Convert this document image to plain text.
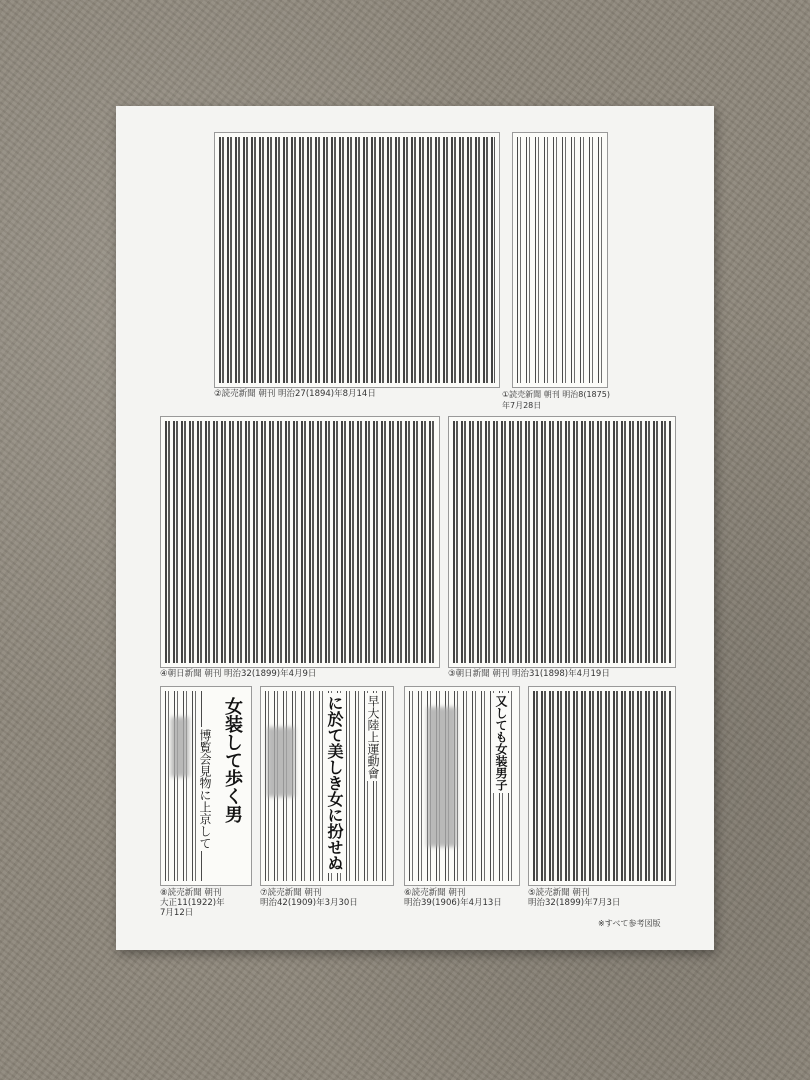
②読売新聞 朝刊 明治27(1894)年8月14日	①読売新聞 朝刊 明治8(1875)年7月28日
④朝日新聞 朝刊 明治32(1899)年4月9日	③朝日新聞 朝刊 明治31(1898)年4月19日
女装して歩く男
博覧会見物に上京して
⑧読売新聞 朝刊
大正11(1922)年
7月12日
に於て美しき女に扮せぬ 早大陸上運動會
⑦読売新聞 朝刊
明治42(1909)年3月30日
又しても女装男子
⑥読売新聞 朝刊
明治39(1906)年4月13日
⑤読売新聞 朝刊
明治32(1899)年7月3日
※すべて参考図版
